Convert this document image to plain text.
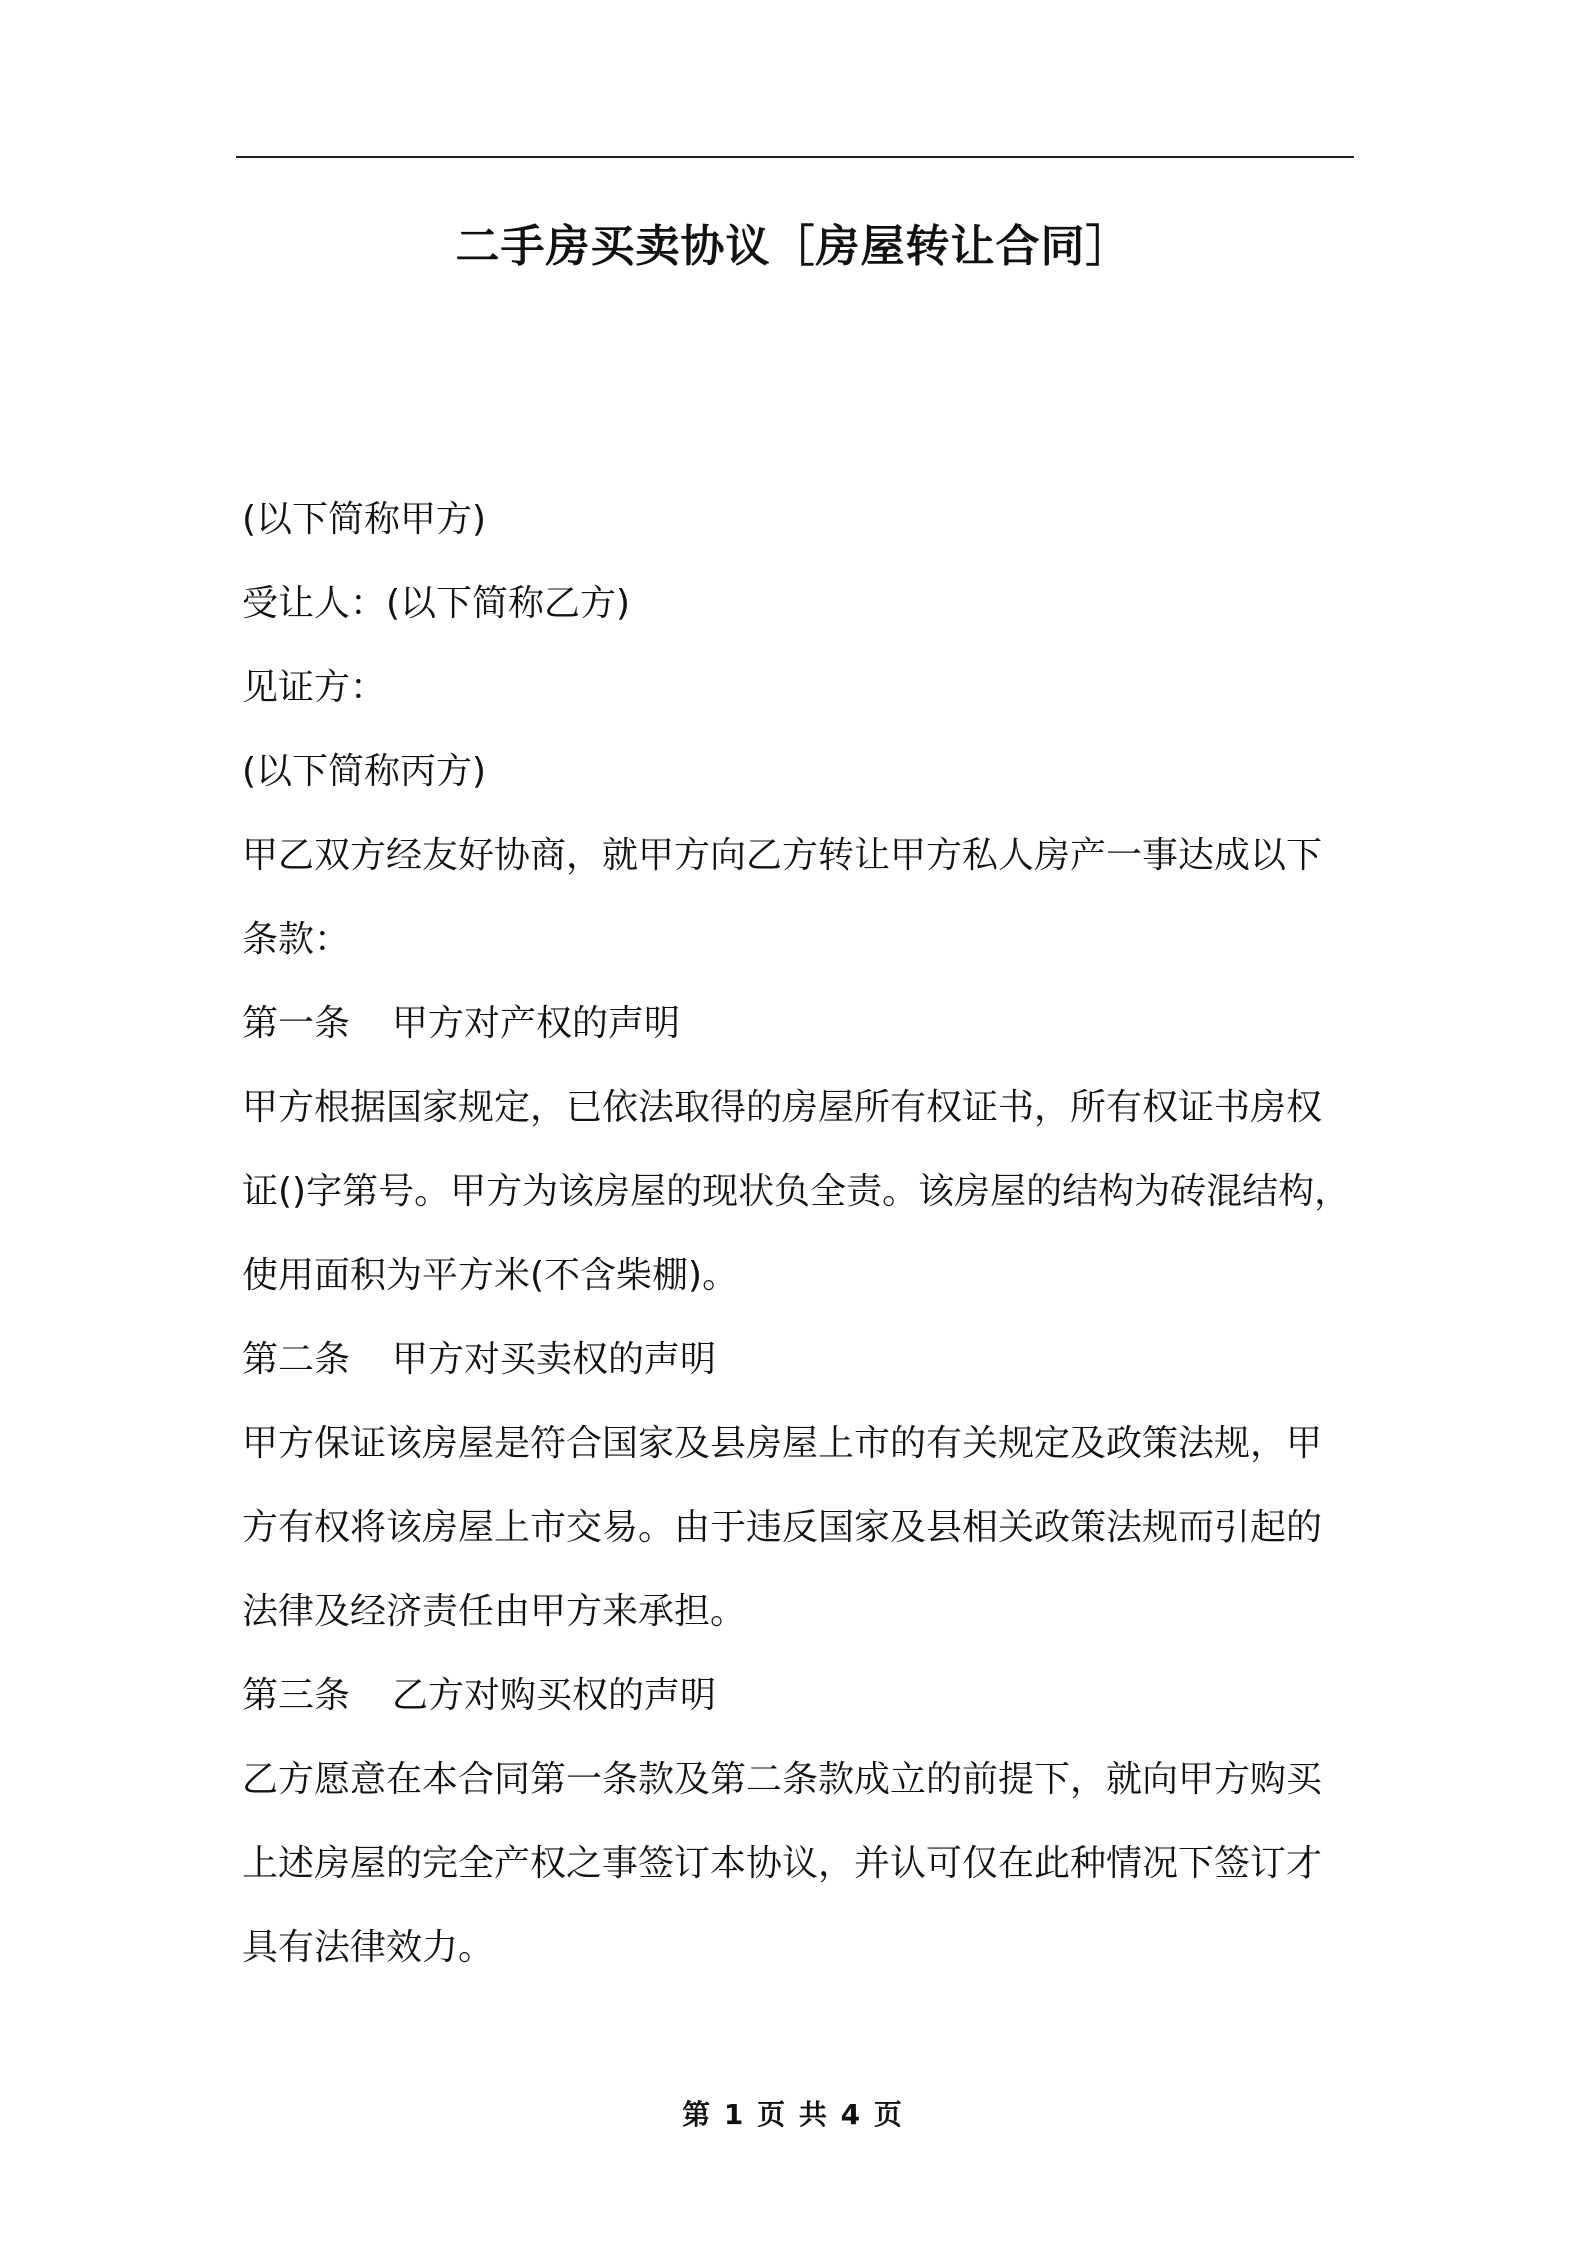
二手房买卖协议［房屋转让合同］

(以下简称甲方)

受让人：(以下简称乙方)

见证方：

(以下简称丙方)

甲乙双方经友好协商，就甲方向乙方转让甲方私人房产一事达成以下

条款：

第一条 甲方对产权的声明

甲方根据国家规定，已依法取得的房屋所有权证书，所有权证书房权

证()字第号。甲方为该房屋的现状负全责。该房屋的结构为砖混结构，

使用面积为平方米(不含柴棚)。

第二条 甲方对买卖权的声明

甲方保证该房屋是符合国家及县房屋上市的有关规定及政策法规，甲

方有权将该房屋上市交易。由于违反国家及县相关政策法规而引起的

法律及经济责任由甲方来承担。

第三条 乙方对购买权的声明

乙方愿意在本合同第一条款及第二条款成立的前提下，就向甲方购买

上述房屋的完全产权之事签订本协议，并认可仅在此种情况下签订才

具有法律效力。

第 1 页 共 4 页
